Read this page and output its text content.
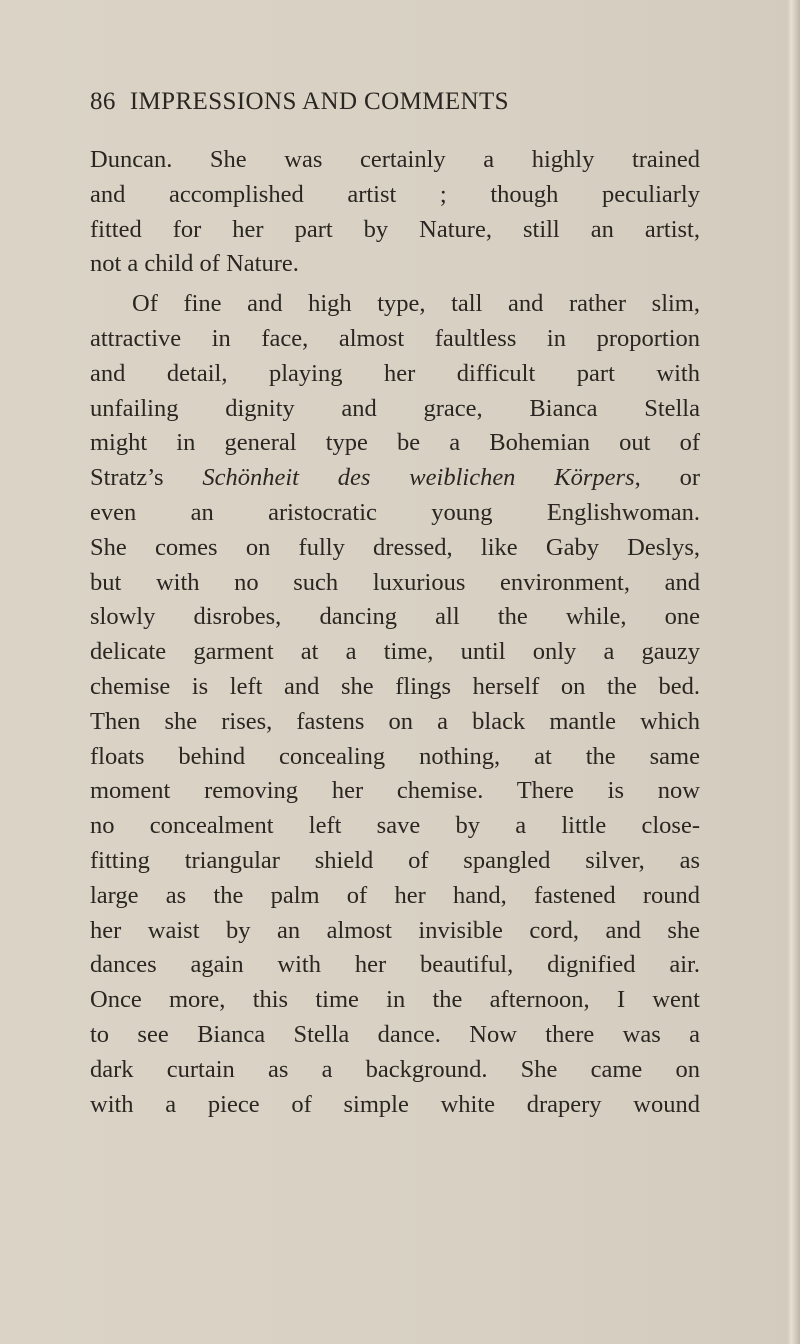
86 IMPRESSIONS AND COMMENTS
Duncan. She was certainly a highly trained
and accomplished artist ; though peculiarly
fitted for her part by Nature, still an artist,
not a child of Nature.
Of fine and high type, tall and rather slim,
attractive in face, almost faultless in proportion
and detail, playing her difficult part with
unfailing dignity and grace, Bianca Stella
might in general type be a Bohemian out of
Stratz’s Schönheit des weiblichen Körpers, or
even an aristocratic young Englishwoman.
She comes on fully dressed, like Gaby Deslys,
but with no such luxurious environment, and
slowly disrobes, dancing all the while, one
delicate garment at a time, until only a gauzy
chemise is left and she flings herself on the bed.
Then she rises, fastens on a black mantle which
floats behind concealing nothing, at the same
moment removing her chemise. There is now
no concealment left save by a little close-
fitting triangular shield of spangled silver, as
large as the palm of her hand, fastened round
her waist by an almost invisible cord, and she
dances again with her beautiful, dignified air.
Once more, this time in the afternoon, I went
to see Bianca Stella dance. Now there was a
dark curtain as a background. She came on
with a piece of simple white drapery wound
